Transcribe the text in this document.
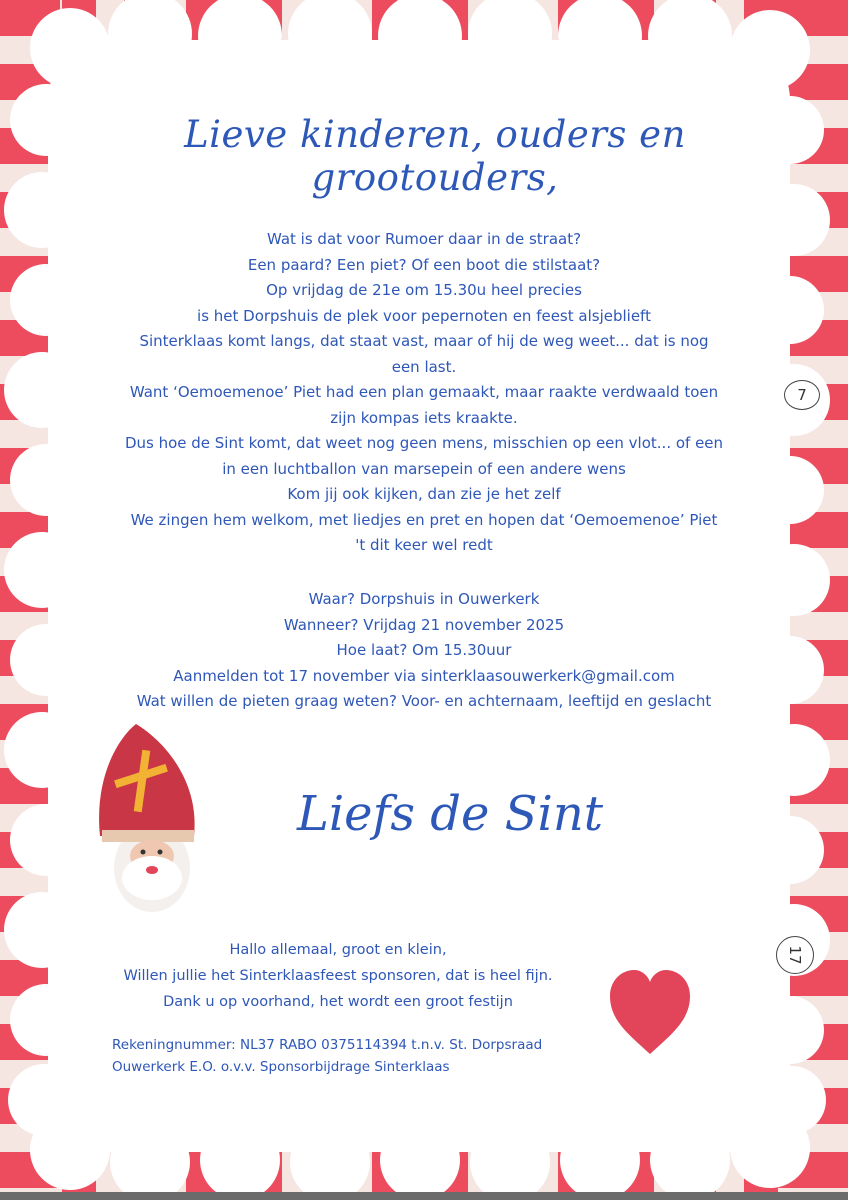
Lieve kinderen, ouders en grootouders,
Wat is dat voor Rumoer daar in de straat?
Een paard? Een piet? Of een boot die stilstaat?
Op vrijdag de 21e om 15.30u heel precies
is het Dorpshuis de plek voor pepernoten en feest alsjeblieft
Sinterklaas komt langs, dat staat vast, maar of hij de weg weet... dat is nog
een last.
Want ‘Oemoemenoe’ Piet had een plan gemaakt, maar raakte verdwaald toen
zijn kompas iets kraakte.
Dus hoe de Sint komt, dat weet nog geen mens, misschien op een vlot... of een
in een luchtballon van marsepein of een andere wens
Kom jij ook kijken, dan zie je het zelf
We zingen hem welkom, met liedjes en pret en hopen dat ‘Oemoemenoe’ Piet
't dit keer wel redt
Waar? Dorpshuis in Ouwerkerk
Wanneer? Vrijdag 21 november 2025
Hoe laat? Om 15.30uur
Aanmelden tot 17 november via sinterklaasouwerkerk@gmail.com
Wat willen de pieten graag weten? Voor- en achternaam, leeftijd en geslacht
Liefs de Sint
Hallo allemaal, groot en klein,
Willen jullie het Sinterklaasfeest sponsoren, dat is heel fijn.
Dank u op voorhand, het wordt een groot festijn
Rekeningnummer: NL37 RABO 0375114394 t.n.v. St. Dorpsraad
Ouwerkerk E.O. o.v.v. Sponsorbijdrage Sinterklaas
7
17
